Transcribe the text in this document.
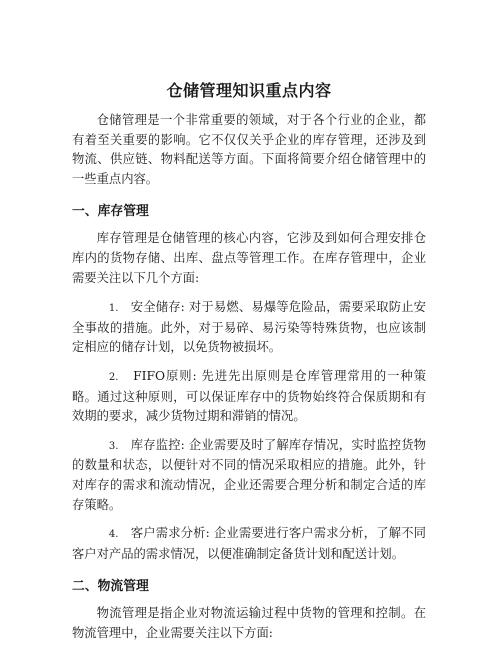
仓储管理知识重点内容

仓储管理是一个非常重要的领域，对于各个行业的企业，都有着至关重要的影响。它不仅仅关乎企业的库存管理，还涉及到物流、供应链、物料配送等方面。下面将简要介绍仓储管理中的一些重点内容。

一、库存管理

库存管理是仓储管理的核心内容，它涉及到如何合理安排仓库内的货物存储、出库、盘点等管理工作。在库存管理中，企业需要关注以下几个方面:

1. 安全储存: 对于易燃、易爆等危险品，需要采取防止安全事故的措施。此外，对于易碎、易污染等特殊货物，也应该制定相应的储存计划，以免货物被损坏。
2. FIFO原则: 先进先出原则是仓库管理常用的一种策略。通过这种原则，可以保证库存中的货物始终符合保质期和有效期的要求，减少货物过期和滞销的情况。
3. 库存监控: 企业需要及时了解库存情况，实时监控货物的数量和状态，以便针对不同的情况采取相应的措施。此外，针对库存的需求和流动情况，企业还需要合理分析和制定合适的库存策略。
4. 客户需求分析: 企业需要进行客户需求分析，了解不同客户对产品的需求情况，以便准确制定备货计划和配送计划。
二、物流管理

物流管理是指企业对物流运输过程中货物的管理和控制。在物流管理中，企业需要关注以下方面:
